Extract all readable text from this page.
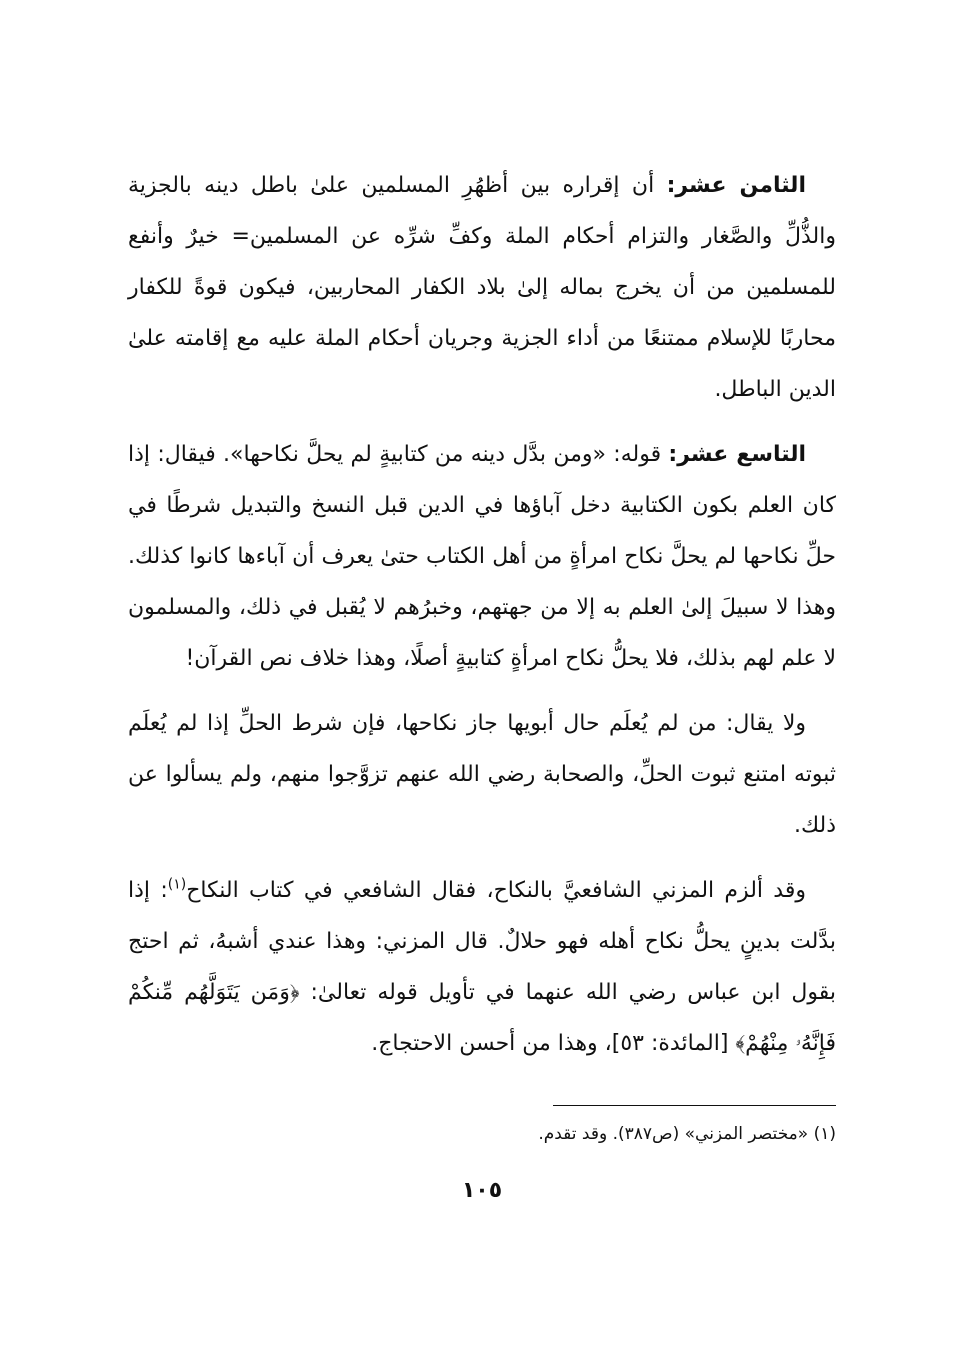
الثامن عشر: أن إقراره بين أظهُرِ المسلمين علىٰ باطل دينه بالجزية والذُّلِّ والصَّغار والتزام أحكام الملة وكفِّ شرِّه عن المسلمين= خيرٌ وأنفع للمسلمين من أن يخرج بماله إلىٰ بلاد الكفار المحاربين، فيكون قوةً للكفار محاربًا للإسلام ممتنعًا من أداء الجزية وجريان أحكام الملة عليه مع إقامته علىٰ الدين الباطل.

التاسع عشر: قوله: «ومن بدَّل دينه من كتابيةٍ لم يحلَّ نكاحها». فيقال: إذا كان العلم بكون الكتابية دخل آباؤها في الدين قبل النسخ والتبديل شرطًا في حلِّ نكاحها لم يحلَّ نكاح امرأةٍ من أهل الكتاب حتىٰ يعرف أن آباءها كانوا كذلك. وهذا لا سبيلَ إلىٰ العلم به إلا من جهتهم، وخبرُهم لا يُقبل في ذلك، والمسلمون لا علم لهم بذلك، فلا يحلُّ نكاح امرأةٍ كتابيةٍ أصلًا، وهذا خلاف نص القرآن!

ولا يقال: من لم يُعلَم حال أبويها جاز نكاحها، فإن شرط الحلِّ إذا لم يُعلَم ثبوته امتنع ثبوت الحلِّ، والصحابة رضي الله عنهم تزوَّجوا منهم، ولم يسألوا عن ذلك.

وقد ألزم المزني الشافعيَّ بالنكاح، فقال الشافعي في كتاب النكاح$^{(١)}$: إذا بدَّلت بدينٍ يحلُّ نكاح أهله فهو حلالٌ. قال المزني: وهذا عندي أشبهُ، ثم احتج بقول ابن عباس رضي الله عنهما في تأويل قوله تعالىٰ: ﴿وَمَن يَتَوَلَّهُم مِّنكُمْ فَإِنَّهُۥ مِنْهُمْ﴾ [المائدة: ٥٣]، وهذا من أحسن الاحتجاج.

(١) «مختصر المزني» (ص٣٨٧). وقد تقدم.
١٠٥
